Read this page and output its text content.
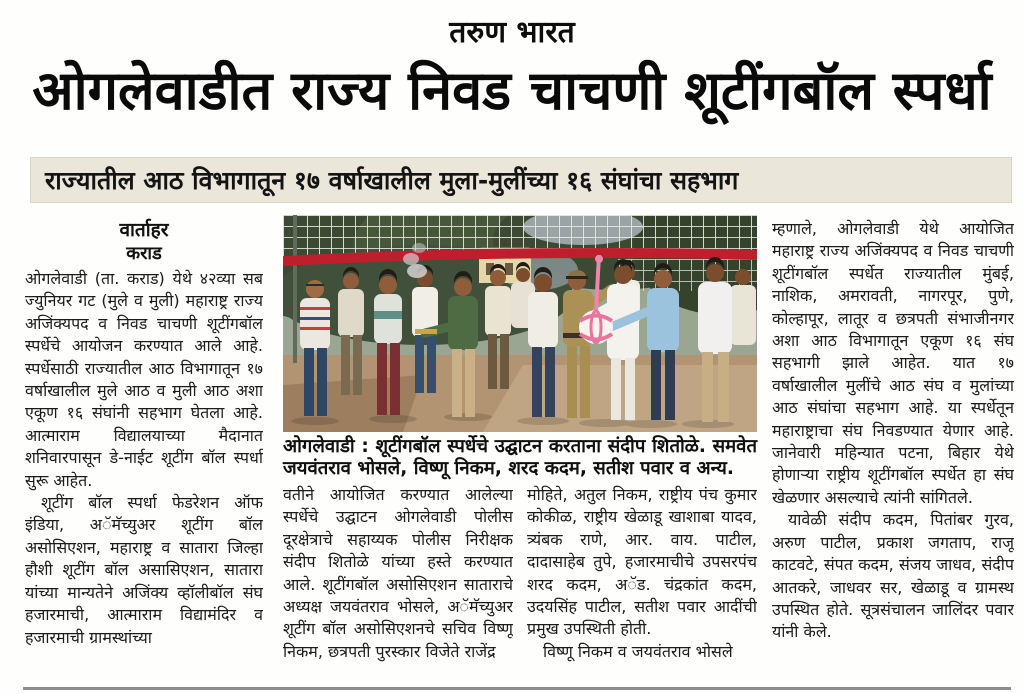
तरुण भारत
ओगलेवाडीत राज्य निवड चाचणी शूटींगबॉल स्पर्धा
राज्यातील आठ विभागातून १७ वर्षाखालील मुला-मुलींच्या १६ संघांचा सहभाग
वार्ताहर
कराड

ओगलेवाडी (ता. कराड) येथे ४२व्या सब ज्युनियर गट (मुले व मुली) महाराष्ट्र राज्य अजिंक्यपद व निवड चाचणी शूटींगबॉल स्पर्धेचे आयोजन करण्यात आले आहे. स्पर्धेसाठी राज्यातील आठ विभागातून १७ वर्षाखालील मुले आठ व मुली आठ अशा एकूण १६ संघांनी सहभाग घेतला आहे. आत्माराम विद्यालयाच्या मैदानात शनिवारपासून डे-नाईट शूटींग बॉल स्पर्धा सुरू आहेत.

शूटींग बॉल स्पर्धा फेडरेशन ऑफ इंडिया, अॅमॅच्युअर शूटींग बॉल असोसिएशन, महाराष्ट्र व सातारा जिल्हा हौशी शूटींग बॉल असासिएशन, सातारा यांच्या मान्यतेने अजिंक्य व्हॉलीबॉल संघ हजारमाची, आत्माराम विद्यामंदिर व हजारमाची ग्रामस्थांच्या

ओगलेवाडी : शूटींगबॉल स्पर्धेचे उद्घाटन करताना संदीप शितोळे. समवेत जयवंतराव भोसले, विष्णू निकम, शरद कदम, सतीश पवार व अन्य.

वतीने आयोजित करण्यात आलेल्या स्पर्धेचे उद्घाटन ओगलेवाडी पोलीस दूरक्षेत्राचे सहाय्यक पोलीस निरीक्षक संदीप शितोळे यांच्या हस्ते करण्यात आले. शूटींगबॉल असोसिएशन साताराचे अध्यक्ष जयवंतराव भोसले, अॅमॅच्युअर शूटींग बॉल असोसिएशनचे सचिव विष्णू निकम, छत्रपती पुरस्कार विजेते राजेंद्र

मोहिते, अतुल निकम, राष्ट्रीय पंच कुमार कोकीळ, राष्ट्रीय खेळाडू खाशाबा यादव, त्र्यंबक राणे, आर. वाय. पाटील, दादासाहेब तुपे, हजारमाचीचे उपसरपंच शरद कदम, अॅड. चंद्रकांत कदम, उदयसिंह पाटील, सतीश पवार आदींची प्रमुख उपस्थिती होती.

विष्णू निकम व जयवंतराव भोसले

म्हणाले, ओगलेवाडी येथे आयोजित महाराष्ट्र राज्य अजिंक्यपद व निवड चाचणी शूटींगबॉल स्पर्धेत राज्यातील मुंबई, नाशिक, अमरावती, नागरपूर, पुणे, कोल्हापूर, लातूर व छत्रपती संभाजीनगर अशा आठ विभागातून एकूण १६ संघ सहभागी झाले आहेत. यात १७ वर्षाखालील मुलींचे आठ संघ व मुलांच्या आठ संघांचा सहभाग आहे. या स्पर्धेतून महाराष्ट्राचा संघ निवडण्यात येणार आहे. जानेवारी महिन्यात पटना, बिहार येथे होणाऱ्या राष्ट्रीय शूटींगबॉल स्पर्धेत हा संघ खेळणार असल्याचे त्यांनी सांगितले.

यावेळी संदीप कदम, पितांबर गुरव, अरुण पाटील, प्रकाश जगताप, राजू काटवटे, संपत कदम, संजय जाधव, संदीप आतकरे, जाधवर सर, खेळाडू व ग्रामस्थ उपस्थित होते. सूत्रसंचालन जालिंदर पवार यांनी केले.
